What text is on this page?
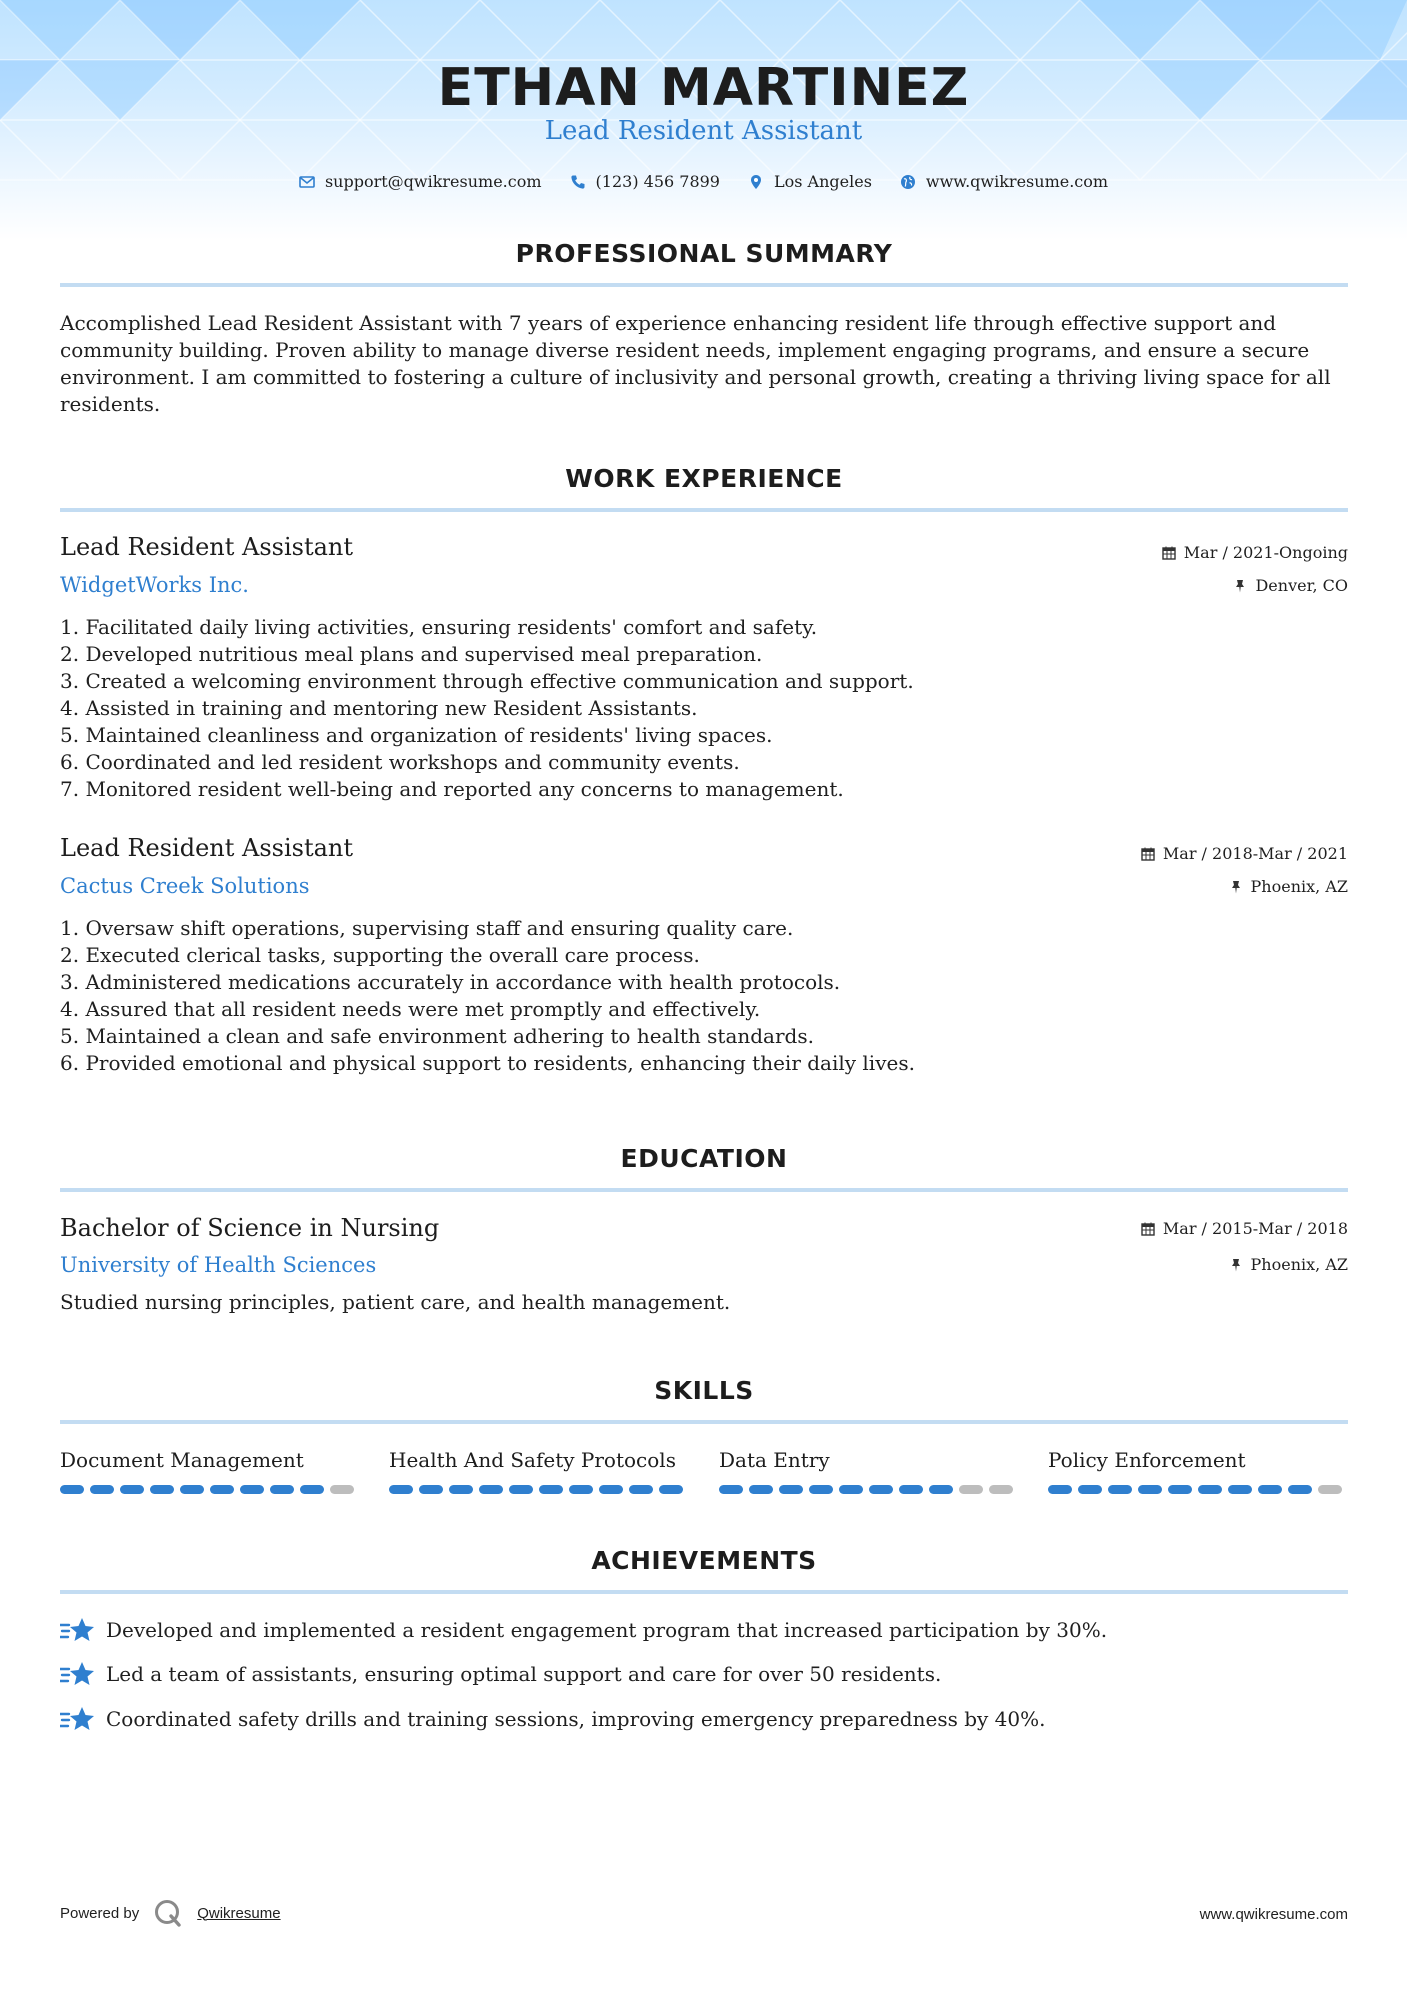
ETHAN MARTINEZ
Lead Resident Assistant
support@qwikresume.com	(123) 456 7899	Los Angeles	www.qwikresume.com
PROFESSIONAL SUMMARY
Accomplished Lead Resident Assistant with 7 years of experience enhancing resident life through effective support and community building. Proven ability to manage diverse resident needs, implement engaging programs, and ensure a secure environment. I am committed to fostering a culture of inclusivity and personal growth, creating a thriving living space for all residents.
WORK EXPERIENCE
Lead Resident Assistant
WidgetWorks Inc.
Mar / 2021-Ongoing
Denver, CO
1. Facilitated daily living activities, ensuring residents' comfort and safety.
2. Developed nutritious meal plans and supervised meal preparation.
3. Created a welcoming environment through effective communication and support.
4. Assisted in training and mentoring new Resident Assistants.
5. Maintained cleanliness and organization of residents' living spaces.
6. Coordinated and led resident workshops and community events.
7. Monitored resident well-being and reported any concerns to management.
Lead Resident Assistant
Cactus Creek Solutions
Mar / 2018-Mar / 2021
Phoenix, AZ
1. Oversaw shift operations, supervising staff and ensuring quality care.
2. Executed clerical tasks, supporting the overall care process.
3. Administered medications accurately in accordance with health protocols.
4. Assured that all resident needs were met promptly and effectively.
5. Maintained a clean and safe environment adhering to health standards.
6. Provided emotional and physical support to residents, enhancing their daily lives.
EDUCATION
Bachelor of Science in Nursing
University of Health Sciences
Mar / 2015-Mar / 2018
Phoenix, AZ
Studied nursing principles, patient care, and health management.
SKILLS
Document Management	Health And Safety Protocols	Data Entry	Policy Enforcement
ACHIEVEMENTS
Developed and implemented a resident engagement program that increased participation by 30%.
Led a team of assistants, ensuring optimal support and care for over 50 residents.
Coordinated safety drills and training sessions, improving emergency preparedness by 40%.
Powered by	Qwikresume	www.qwikresume.com
